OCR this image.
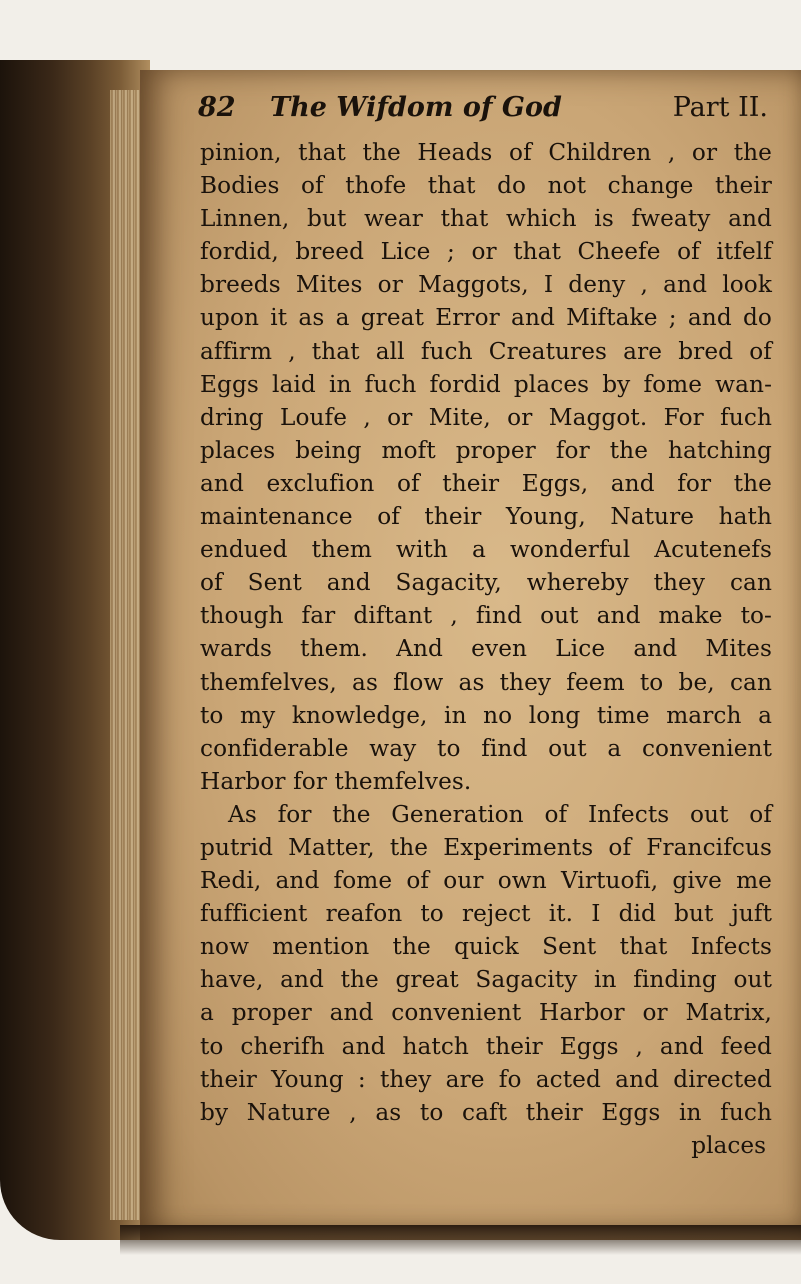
82 The Wifdom of God	Part II.
pinion, that the Heads of Children , or the
Bodies of thofe that do not change their
Linnen, but wear that which is fweaty and
fordid, breed Lice ; or that Cheefe of itfelf
breeds Mites or Maggots, I deny , and look
upon it as a great Error and Miftake ; and do
affirm , that all fuch Creatures are bred of
Eggs laid in fuch fordid places by fome wan-
dring Loufe , or Mite, or Maggot. For fuch
places being moft proper for the hatching
and exclufion of their Eggs, and for the
maintenance of their Young, Nature hath
endued them with a wonderful Acutenefs
of Sent and Sagacity, whereby they can
though far diftant , find out and make to-
wards them. And even Lice and Mites
themfelves, as flow as they feem to be, can
to my knowledge, in no long time march a
confiderable way to find out a convenient
Harbor for themfelves.
As for the Generation of Infects out of
putrid Matter, the Experiments of Francifcus
Redi, and fome of our own Virtuofi, give me
fufficient reafon to reject it. I did but juft
now mention the quick Sent that Infects
have, and the great Sagacity in finding out
a proper and convenient Harbor or Matrix,
to cherifh and hatch their Eggs , and feed
their Young : they are fo acted and directed
by Nature , as to caft their Eggs in fuch
places
